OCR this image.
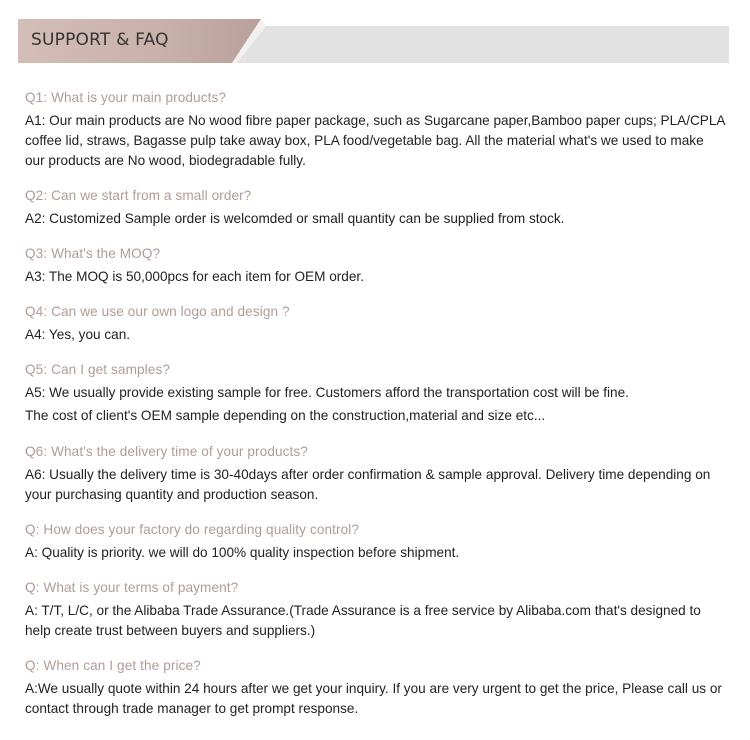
SUPPORT & FAQ
Q1: What is your main products?
A1: Our main products are No wood fibre paper package, such as Sugarcane paper,Bamboo paper cups; PLA/CPLA coffee lid, straws, Bagasse pulp take away box, PLA food/vegetable bag. All the material what's we used to make our products are No wood, biodegradable fully.
Q2: Can we start from a small order?
A2: Customized Sample order is welcomded or small quantity can be supplied from stock.
Q3: What's the MOQ?
A3: The MOQ is 50,000pcs for each item for OEM order.
Q4: Can we use our own logo and design ?
A4: Yes, you can.
Q5: Can I get samples?
A5: We usually provide existing sample for free. Customers afford the transportation cost will be fine.
The cost of client's OEM sample depending on the construction,material and size etc...
Q6: What's the delivery time of your products?
A6: Usually the delivery time is 30-40days after order confirmation & sample approval. Delivery time depending on your purchasing quantity and production season.
Q: How does your factory do regarding quality control?
A: Quality is priority. we will do 100% quality inspection before shipment.
Q: What is your terms of payment?
A: T/T, L/C, or the Alibaba Trade Assurance.(Trade Assurance is a free service by Alibaba.com that's designed to help create trust between buyers and suppliers.)
Q: When can I get the price?
A:We usually quote within 24 hours after we get your inquiry. If you are very urgent to get the price, Please call us or contact through trade manager to get prompt response.
